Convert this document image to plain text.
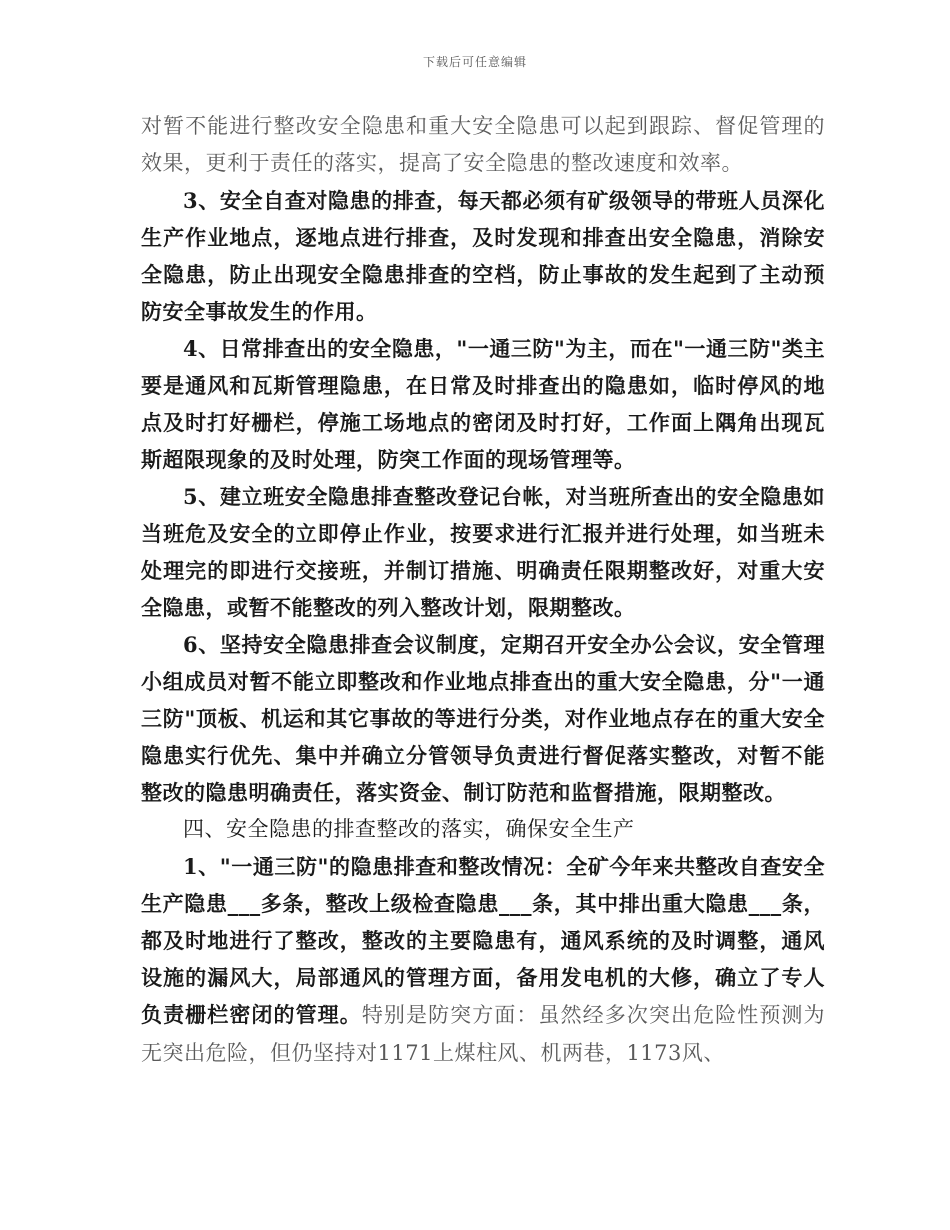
下载后可任意编辑

对暂不能进行整改安全隐患和重大安全隐患可以起到跟踪、督促管理的效果，更利于责任的落实，提高了安全隐患的整改速度和效率。

3、安全自查对隐患的排查，每天都必须有矿级领导的带班人员深化生产作业地点，逐地点进行排查，及时发现和排查出安全隐患，消除安全隐患，防止出现安全隐患排查的空档，防止事故的发生起到了主动预防安全事故发生的作用。

4、日常排查出的安全隐患，"一通三防"为主，而在"一通三防"类主要是通风和瓦斯管理隐患，在日常及时排查出的隐患如，临时停风的地点及时打好栅栏，停施工场地点的密闭及时打好，工作面上隅角出现瓦斯超限现象的及时处理，防突工作面的现场管理等。

5、建立班安全隐患排查整改登记台帐，对当班所查出的安全隐患如当班危及安全的立即停止作业，按要求进行汇报并进行处理，如当班未处理完的即进行交接班，并制订措施、明确责任限期整改好，对重大安全隐患，或暂不能整改的列入整改计划，限期整改。

6、坚持安全隐患排查会议制度，定期召开安全办公会议，安全管理小组成员对暂不能立即整改和作业地点排查出的重大安全隐患，分"一通三防"顶板、机运和其它事故的等进行分类，对作业地点存在的重大安全隐患实行优先、集中并确立分管领导负责进行督促落实整改，对暂不能整改的隐患明确责任，落实资金、制订防范和监督措施，限期整改。

四、安全隐患的排查整改的落实，确保安全生产

1、"一通三防"的隐患排查和整改情况：全矿今年来共整改自查安全生产隐患___多条，整改上级检查隐患___条，其中排出重大隐患___条，都及时地进行了整改，整改的主要隐患有，通风系统的及时调整，通风设施的漏风大，局部通风的管理方面，备用发电机的大修，确立了专人负责栅栏密闭的管理。特别是防突方面：虽然经多次突出危险性预测为无突出危险，但仍坚持对1171上煤柱风、机两巷，1173风、
